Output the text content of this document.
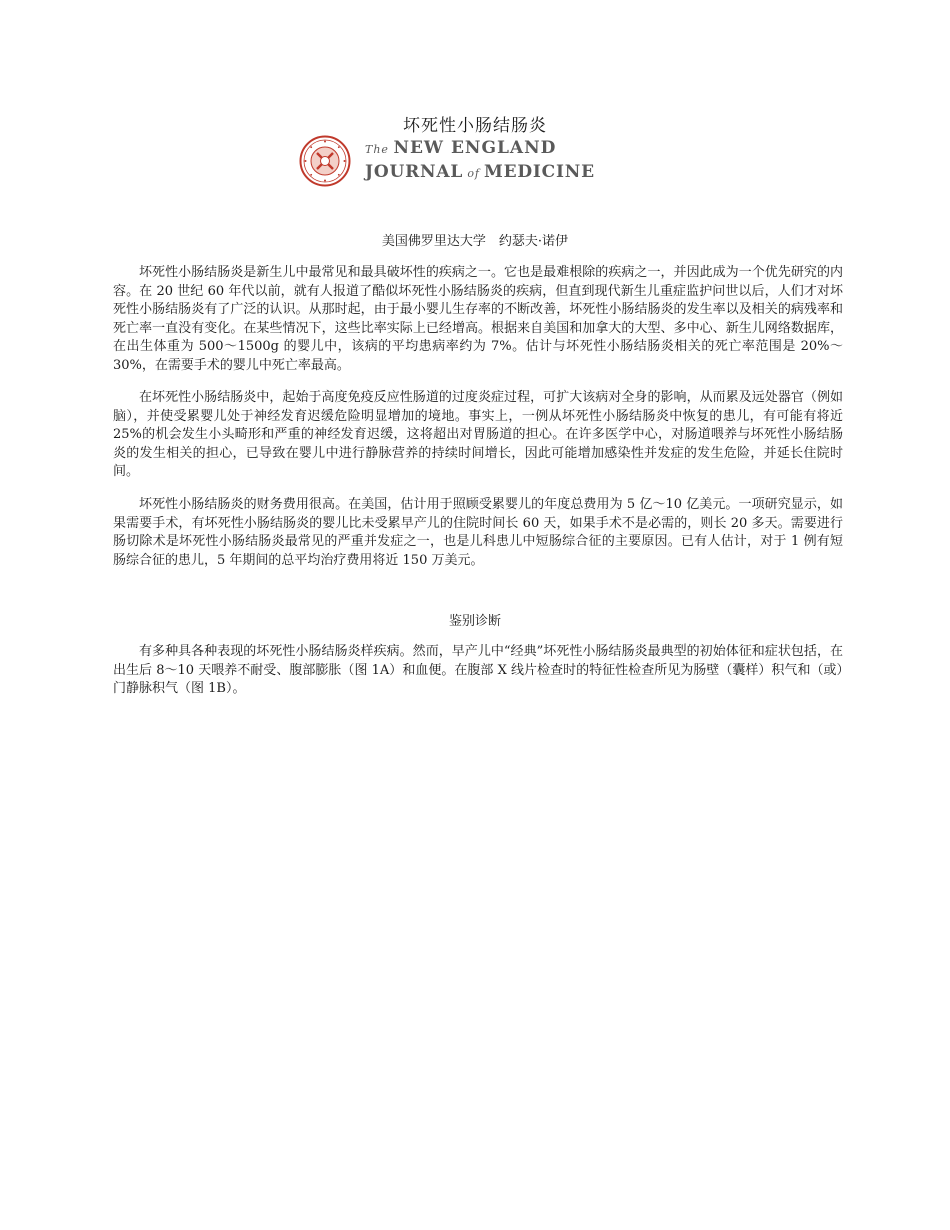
坏死性小肠结肠炎
The NEW ENGLAND
JOURNAL of MEDICINE
美国佛罗里达大学　约瑟夫·诺伊

坏死性小肠结肠炎是新生儿中最常见和最具破坏性的疾病之一。它也是最难根除的疾病之一，并因此成为一个优先研究的内容。在 20 世纪 60 年代以前，就有人报道了酷似坏死性小肠结肠炎的疾病，但直到现代新生儿重症监护问世以后，人们才对坏死性小肠结肠炎有了广泛的认识。从那时起，由于最小婴儿生存率的不断改善，坏死性小肠结肠炎的发生率以及相关的病残率和死亡率一直没有变化。在某些情况下，这些比率实际上已经增高。根据来自美国和加拿大的大型、多中心、新生儿网络数据库，在出生体重为 500～1500g 的婴儿中，该病的平均患病率约为 7%。估计与坏死性小肠结肠炎相关的死亡率范围是 20%～30%，在需要手术的婴儿中死亡率最高。

在坏死性小肠结肠炎中，起始于高度免疫反应性肠道的过度炎症过程，可扩大该病对全身的影响，从而累及远处器官（例如脑），并使受累婴儿处于神经发育迟缓危险明显增加的境地。事实上，一例从坏死性小肠结肠炎中恢复的患儿，有可能有将近 25%的机会发生小头畸形和严重的神经发育迟缓，这将超出对胃肠道的担心。在许多医学中心，对肠道喂养与坏死性小肠结肠炎的发生相关的担心，已导致在婴儿中进行静脉营养的持续时间增长，因此可能增加感染性并发症的发生危险，并延长住院时间。

坏死性小肠结肠炎的财务费用很高。在美国，估计用于照顾受累婴儿的年度总费用为 5 亿～10 亿美元。一项研究显示，如果需要手术，有坏死性小肠结肠炎的婴儿比未受累早产儿的住院时间长 60 天，如果手术不是必需的，则长 20 多天。需要进行肠切除术是坏死性小肠结肠炎最常见的严重并发症之一，也是儿科患儿中短肠综合征的主要原因。已有人估计，对于 1 例有短肠综合征的患儿，5 年期间的总平均治疗费用将近 150 万美元。

鉴别诊断

有多种具各种表现的坏死性小肠结肠炎样疾病。然而，早产儿中“经典”坏死性小肠结肠炎最典型的初始体征和症状包括，在出生后 8～10 天喂养不耐受、腹部膨胀（图 1A）和血便。在腹部 X 线片检查时的特征性检查所见为肠壁（囊样）积气和（或）门静脉积气（图 1B）。
